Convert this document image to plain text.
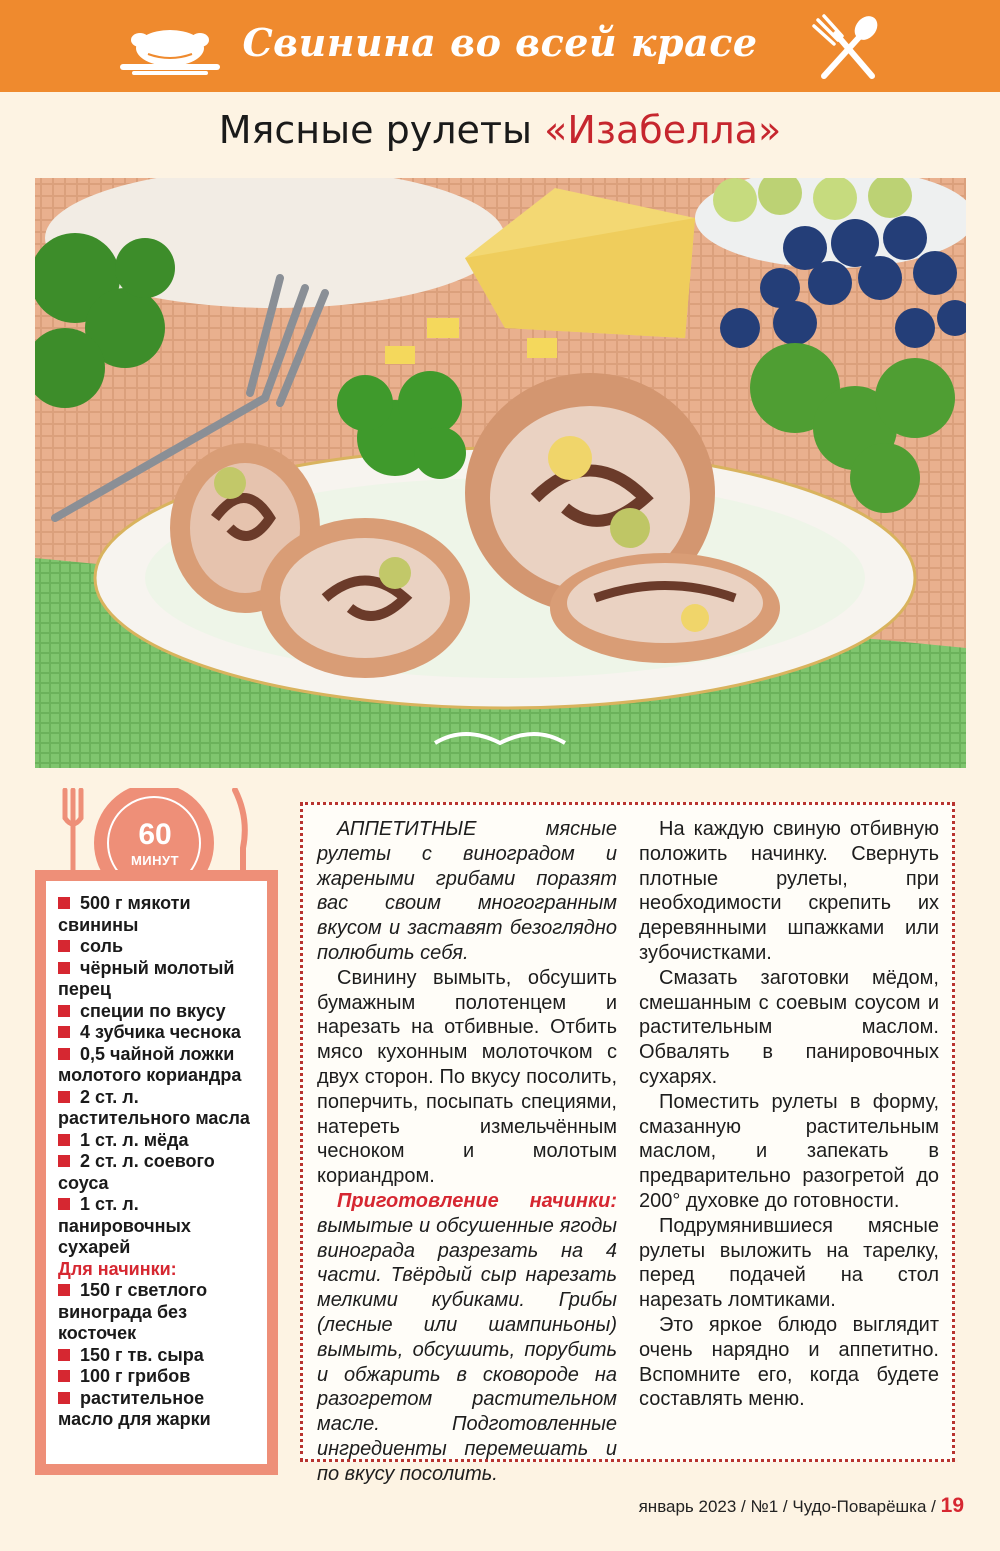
Свинина во всей красе
Мясные рулеты «Изабелла»
60
МИНУТ
500 г мякоти свинины
соль
чёрный молотый перец
специи по вкусу
4 зубчика чеснока
0,5 чайной ложки молотого кориандра
2 ст. л. растительного масла
1 ст. л. мёда
2 ст. л. соевого соуса
1 ст. л. панировочных сухарей
Для начинки:
150 г светлого винограда без косточек
150 г тв. сыра
100 г грибов
растительное масло для жарки

АППЕТИТНЫЕ мясные рулеты с виноградом и жареными грибами поразят вас своим многогранным вкусом и заставят безоглядно полюбить себя.

Свинину вымыть, обсушить бумажным полотенцем и нарезать на отбивные. Отбить мясо кухонным молоточком с двух сторон. По вкусу посолить, поперчить, посыпать специями, натереть измельчённым чесноком и молотым кориандром.

Приготовление начинки: вымытые и обсушенные ягоды винограда разрезать на 4 части. Твёрдый сыр нарезать мелкими кубиками. Грибы (лесные или шампиньоны) вымыть, обсушить, порубить и обжарить в сковороде на разогретом растительном масле. Подготовленные ингредиенты перемешать и по вкусу посолить.

На каждую свиную отбивную положить начинку. Свернуть плотные рулеты, при необходимости скрепить их деревянными шпажками или зубочистками.

Смазать заготовки мёдом, смешанным с соевым соусом и растительным маслом. Обвалять в панировочных сухарях.

Поместить рулеты в форму, смазанную растительным маслом, и запекать в предварительно разогретой до 200° духовке до готовности.

Подрумянившиеся мясные рулеты выложить на тарелку, перед подачей на стол нарезать ломтиками.

Это яркое блюдо выглядит очень нарядно и аппетитно. Вспомните его, когда будете составлять меню.

январь 2023 / №1 / Чудо-Поварёшка / 19
